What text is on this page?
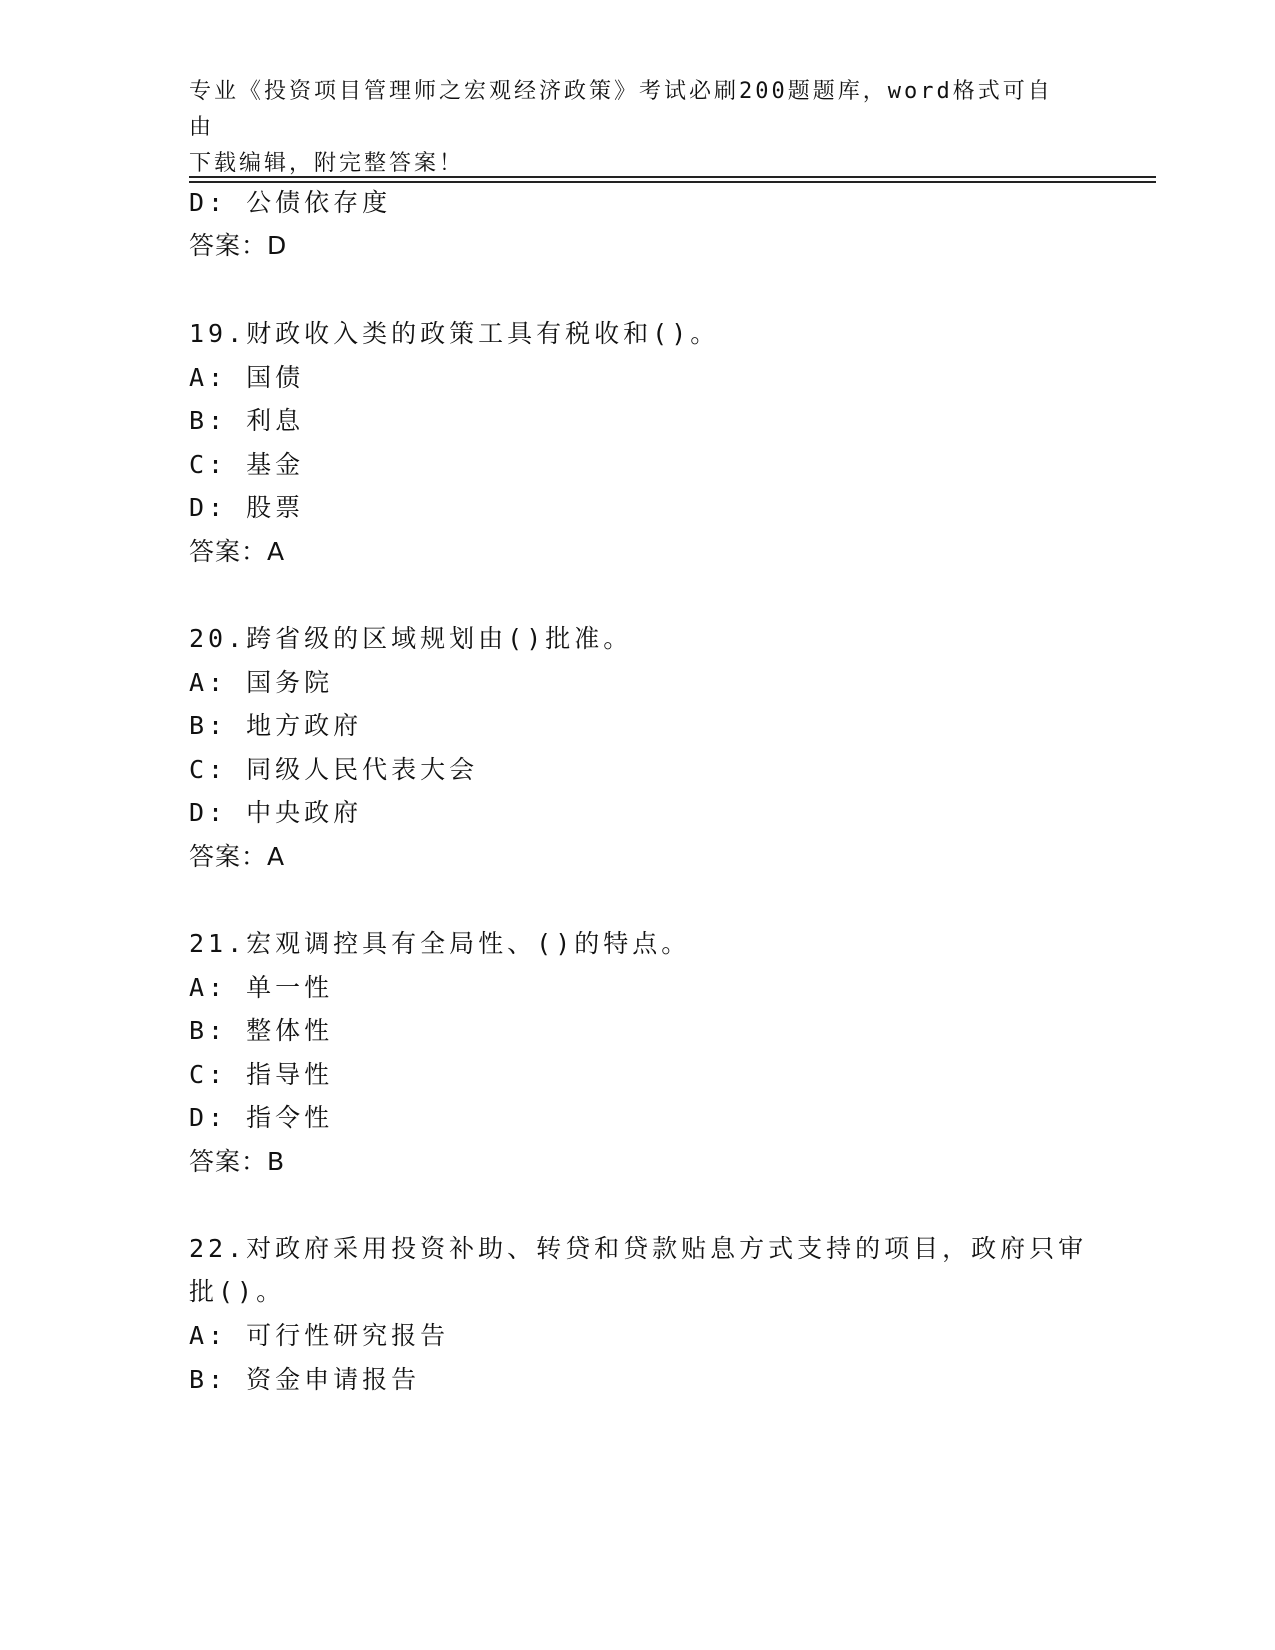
专业《投资项目管理师之宏观经济政策》考试必刷200题题库，word格式可自由
下载编辑，附完整答案！
D: 公债依存度
答案：D
19.财政收入类的政策工具有税收和()。
A: 国债
B: 利息
C: 基金
D: 股票
答案：A
20.跨省级的区域规划由()批准。
A: 国务院
B: 地方政府
C: 同级人民代表大会
D: 中央政府
答案：A
21.宏观调控具有全局性、()的特点。
A: 单一性
B: 整体性
C: 指导性
D: 指令性
答案：B
22.对政府采用投资补助、转贷和贷款贴息方式支持的项目，政府只审
批()。
A: 可行性研究报告
B: 资金申请报告
